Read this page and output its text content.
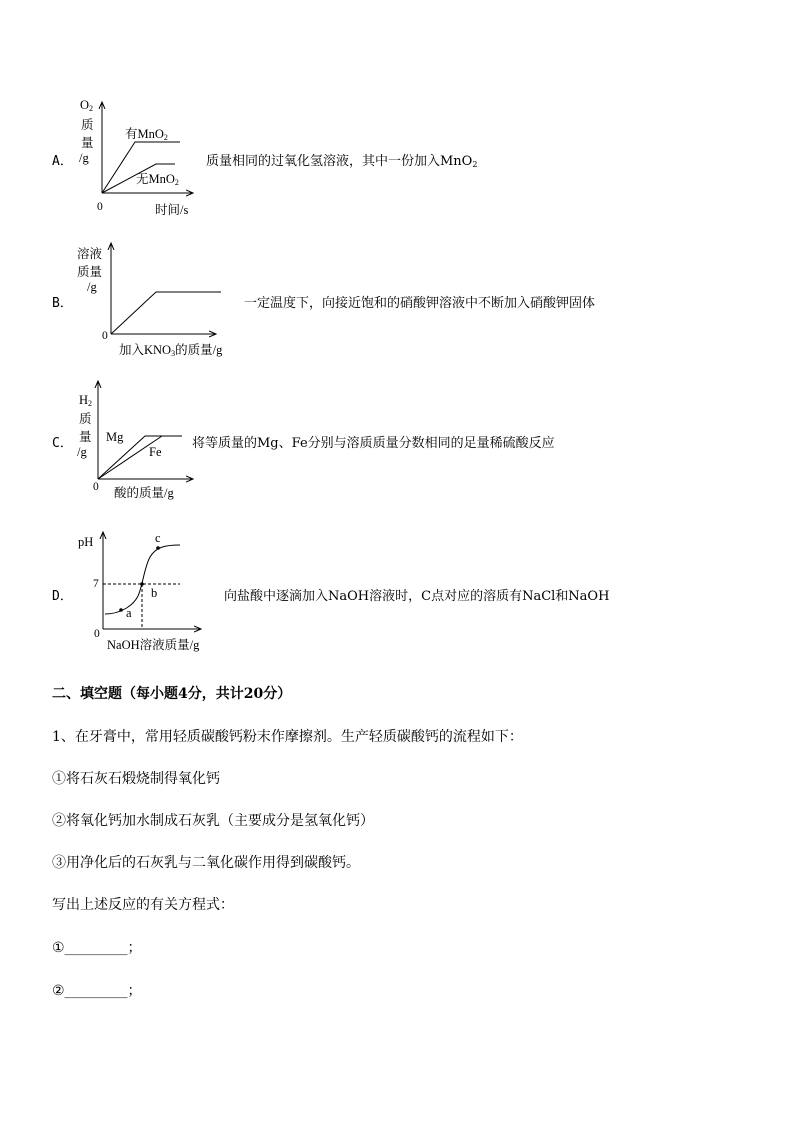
A．
$O_2$
质
量
/g
0	时间/s
有MnO$_2$
无MnO$_2$
质量相同的过氧化氢溶液，其中一份加入MnO$_2$
B．
溶液
质量
/g
0
加入$KNO_3$的质量/g
一定温度下，向接近饱和的硝酸钾溶液中不断加入硝酸钾固体
C．
$H_2$
质
量
/g
0 酸的质量/g
Mg
Fe
将等质量的Mg、Fe分别与溶质质量分数相同的足量稀硫酸反应
D．
pH
7
0
NaOH溶液质量/g
a
b
c
向盐酸中逐滴加入NaOH溶液时，C点对应的溶质有NaCl和NaOH
二、填空题（每小题4分，共计20分）
1、在牙膏中，常用轻质碳酸钙粉末作摩擦剂。生产轻质碳酸钙的流程如下：
①将石灰石煅烧制得氧化钙
②将氧化钙加水制成石灰乳（主要成分是氢氧化钙）
③用净化后的石灰乳与二氧化碳作用得到碳酸钙。
写出上述反应的有关方程式：
①_________；
②_________；
